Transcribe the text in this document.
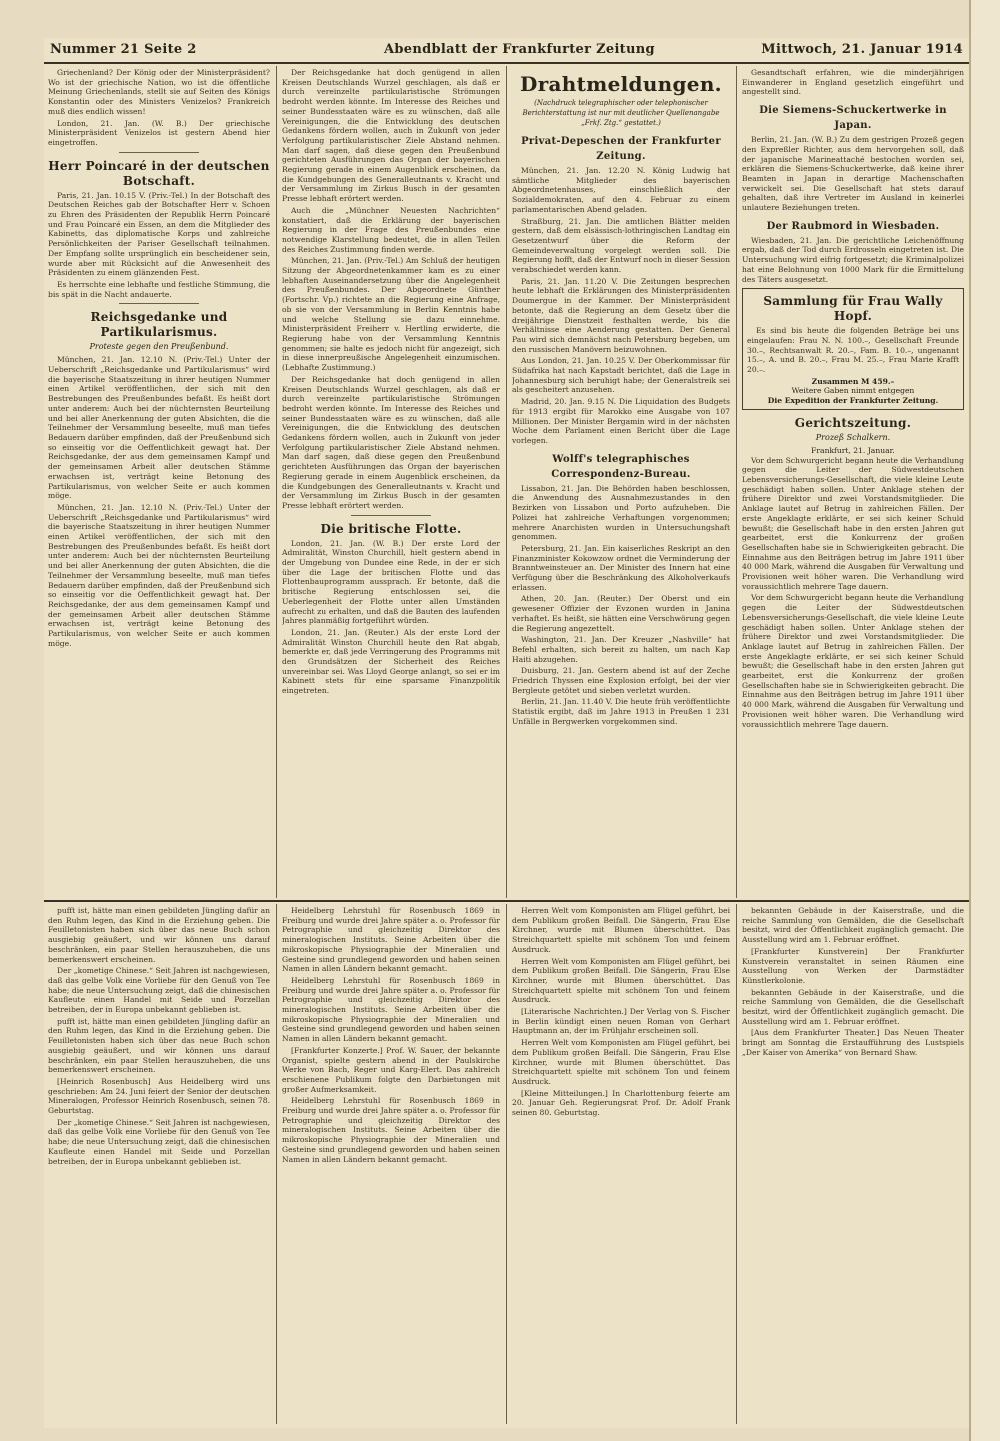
Nummer 21 Seite 2	Abendblatt der Frankfurter Zeitung	Mittwoch, 21. Januar 1914
Griechenland? Der König oder der Ministerpräsident? Wo ist der griechische Nation, wo ist die öffentliche Meinung Griechenlands, stellt sie auf Seiten des Königs Konstantin oder des Ministers Venizelos? Frankreich muß dies endlich wissen!
London, 21. Jan. (W. B.) Der griechische Ministerpräsident Venizelos ist gestern Abend hier eingetroffen.
Herr Poincaré in der deutschen Botschaft.
Paris, 21. Jan. 10.15 V. (Priv.-Tel.) In der Botschaft des Deutschen Reiches gab der Botschafter Herr v. Schoen zu Ehren des Präsidenten der Republik Herrn Poincaré und Frau Poincaré ein Essen, an dem die Mitglieder des Kabinetts, das diplomatische Korps und zahlreiche Persönlichkeiten der Pariser Gesellschaft teilnahmen. Der Empfang sollte ursprünglich ein bescheidener sein, wurde aber mit Rücksicht auf die Anwesenheit des Präsidenten zu einem glänzenden Fest.
Es herrschte eine lebhafte und festliche Stimmung, die bis spät in die Nacht andauerte.
Reichsgedanke und Partikularismus.
Proteste gegen den Preußenbund.
München, 21. Jan. 12.10 N. (Priv.-Tel.) Unter der Ueberschrift „Reichsgedanke und Partikularismus“ wird die bayerische Staatszeitung in ihrer heutigen Nummer einen Artikel veröffentlichen, der sich mit den Bestrebungen des Preußenbundes befaßt. Es heißt dort unter anderem: Auch bei der nüchternsten Beurteilung und bei aller Anerkennung der guten Absichten, die die Teilnehmer der Versammlung beseelte, muß man tiefes Bedauern darüber empfinden, daß der Preußenbund sich so einseitig vor die Oeffentlichkeit gewagt hat. Der Reichsgedanke, der aus dem gemeinsamen Kampf und der gemeinsamen Arbeit aller deutschen Stämme erwachsen ist, verträgt keine Betonung des Partikularismus, von welcher Seite er auch kommen möge.
München, 21. Jan. 12.10 N. (Priv.-Tel.) Unter der Ueberschrift „Reichsgedanke und Partikularismus“ wird die bayerische Staatszeitung in ihrer heutigen Nummer einen Artikel veröffentlichen, der sich mit den Bestrebungen des Preußenbundes befaßt. Es heißt dort unter anderem: Auch bei der nüchternsten Beurteilung und bei aller Anerkennung der guten Absichten, die die Teilnehmer der Versammlung beseelte, muß man tiefes Bedauern darüber empfinden, daß der Preußenbund sich so einseitig vor die Oeffentlichkeit gewagt hat. Der Reichsgedanke, der aus dem gemeinsamen Kampf und der gemeinsamen Arbeit aller deutschen Stämme erwachsen ist, verträgt keine Betonung des Partikularismus, von welcher Seite er auch kommen möge.
Der Reichsgedanke hat doch genügend in allen Kreisen Deutschlands Wurzel geschlagen, als daß er durch vereinzelte partikularistische Strömungen bedroht werden könnte. Im Interesse des Reiches und seiner Bundesstaaten wäre es zu wünschen, daß alle Vereinigungen, die die Entwicklung des deutschen Gedankens fördern wollen, auch in Zukunft von jeder Verfolgung partikularistischer Ziele Abstand nehmen. Man darf sagen, daß diese gegen den Preußenbund gerichteten Ausführungen das Organ der bayerischen Regierung gerade in einem Augenblick erscheinen, da die Kundgebungen des Generalleutnants v. Kracht und der Versammlung im Zirkus Busch in der gesamten Presse lebhaft erörtert werden.
Auch die „Münchner Neuesten Nachrichten“ konstatiert, daß die Erklärung der bayerischen Regierung in der Frage des Preußenbundes eine notwendige Klarstellung bedeutet, die in allen Teilen des Reiches Zustimmung finden werde.
München, 21. Jan. (Priv.-Tel.) Am Schluß der heutigen Sitzung der Abgeordnetenkammer kam es zu einer lebhaften Auseinandersetzung über die Angelegenheit des Preußenbundes. Der Abgeordnete Günther (Fortschr. Vp.) richtete an die Regierung eine Anfrage, ob sie von der Versammlung in Berlin Kenntnis habe und welche Stellung sie dazu einnehme. Ministerpräsident Freiherr v. Hertling erwiderte, die Regierung habe von der Versammlung Kenntnis genommen; sie halte es jedoch nicht für angezeigt, sich in diese innerpreußische Angelegenheit einzumischen. (Lebhafte Zustimmung.)
Der Reichsgedanke hat doch genügend in allen Kreisen Deutschlands Wurzel geschlagen, als daß er durch vereinzelte partikularistische Strömungen bedroht werden könnte. Im Interesse des Reiches und seiner Bundesstaaten wäre es zu wünschen, daß alle Vereinigungen, die die Entwicklung des deutschen Gedankens fördern wollen, auch in Zukunft von jeder Verfolgung partikularistischer Ziele Abstand nehmen. Man darf sagen, daß diese gegen den Preußenbund gerichteten Ausführungen das Organ der bayerischen Regierung gerade in einem Augenblick erscheinen, da die Kundgebungen des Generalleutnants v. Kracht und der Versammlung im Zirkus Busch in der gesamten Presse lebhaft erörtert werden.
Die britische Flotte.
London, 21. Jan. (W. B.) Der erste Lord der Admiralität, Winston Churchill, hielt gestern abend in der Umgebung von Dundee eine Rede, in der er sich über die Lage der britischen Flotte und das Flottenbauprogramm aussprach. Er betonte, daß die britische Regierung entschlossen sei, die Ueberlegenheit der Flotte unter allen Umständen aufrecht zu erhalten, und daß die Bauten des laufenden Jahres planmäßig fortgeführt würden.
London, 21. Jan. (Reuter.) Als der erste Lord der Admiralität Winston Churchill heute den Rat abgab, bemerkte er, daß jede Verringerung des Programms mit den Grundsätzen der Sicherheit des Reiches unvereinbar sei. Was Lloyd George anlangt, so sei er im Kabinett stets für eine sparsame Finanzpolitik eingetreten.
Drahtmeldungen.
(Nachdruck telegraphischer oder telephonischer Berichterstattung ist nur mit deutlicher Quellenangabe „Frkf. Ztg.“ gestattet.)
Privat-Depeschen der Frankfurter Zeitung.
München, 21. Jan. 12.20 N. König Ludwig hat sämtliche Mitglieder des bayerischen Abgeordnetenhauses, einschließlich der Sozialdemokraten, auf den 4. Februar zu einem parlamentarischen Abend geladen.
Straßburg, 21. Jan. Die amtlichen Blätter melden gestern, daß dem elsässisch-lothringischen Landtag ein Gesetzentwurf über die Reform der Gemeindeverwaltung vorgelegt werden soll. Die Regierung hofft, daß der Entwurf noch in dieser Session verabschiedet werden kann.
Paris, 21. Jan. 11.20 V. Die Zeitungen besprechen heute lebhaft die Erklärungen des Ministerpräsidenten Doumergue in der Kammer. Der Ministerpräsident betonte, daß die Regierung an dem Gesetz über die dreijährige Dienstzeit festhalten werde, bis die Verhältnisse eine Aenderung gestatten. Der General Pau wird sich demnächst nach Petersburg begeben, um den russischen Manövern beizuwohnen.
Aus London, 21. Jan. 10.25 V. Der Oberkommissar für Südafrika hat nach Kapstadt berichtet, daß die Lage in Johannesburg sich beruhigt habe; der Generalstreik sei als gescheitert anzusehen.
Madrid, 20. Jan. 9.15 N. Die Liquidation des Budgets für 1913 ergibt für Marokko eine Ausgabe von 107 Millionen. Der Minister Bergamin wird in der nächsten Woche dem Parlament einen Bericht über die Lage vorlegen.
Wolff's telegraphisches Correspondenz-Bureau.
Lissabon, 21. Jan. Die Behörden haben beschlossen, die Anwendung des Ausnahmezustandes in den Bezirken von Lissabon und Porto aufzuheben. Die Polizei hat zahlreiche Verhaftungen vorgenommen; mehrere Anarchisten wurden in Untersuchungshaft genommen.
Petersburg, 21. Jan. Ein kaiserliches Reskript an den Finanzminister Kokowzow ordnet die Verminderung der Branntweinsteuer an. Der Minister des Innern hat eine Verfügung über die Beschränkung des Alkoholverkaufs erlassen.
Athen, 20. Jan. (Reuter.) Der Oberst und ein gewesener Offizier der Evzonen wurden in Janina verhaftet. Es heißt, sie hätten eine Verschwörung gegen die Regierung angezettelt.
Washington, 21. Jan. Der Kreuzer „Nashville“ hat Befehl erhalten, sich bereit zu halten, um nach Kap Haiti abzugehen.
Duisburg, 21. Jan. Gestern abend ist auf der Zeche Friedrich Thyssen eine Explosion erfolgt, bei der vier Bergleute getötet und sieben verletzt wurden.
Berlin, 21. Jan. 11.40 V. Die heute früh veröffentlichte Statistik ergibt, daß im Jahre 1913 in Preußen 1 231 Unfälle in Bergwerken vorgekommen sind.
Gesandtschaft erfahren, wie die minderjährigen Einwanderer in England gesetzlich eingeführt und angestellt sind.
Die Siemens-Schuckertwerke in Japan.
Berlin, 21. Jan. (W. B.) Zu dem gestrigen Prozeß gegen den Expreßler Richter, aus dem hervorgehen soll, daß der japanische Marineattaché bestochen worden sei, erklären die Siemens-Schuckertwerke, daß keine ihrer Beamten in Japan in derartige Machenschaften verwickelt sei. Die Gesellschaft hat stets darauf gehalten, daß ihre Vertreter im Ausland in keinerlei unlautere Beziehungen treten.
Der Raubmord in Wiesbaden.
Wiesbaden, 21. Jan. Die gerichtliche Leichenöffnung ergab, daß der Tod durch Erdrosseln eingetreten ist. Die Untersuchung wird eifrig fortgesetzt; die Kriminalpolizei hat eine Belohnung von 1000 Mark für die Ermittelung des Täters ausgesetzt.
Sammlung für Frau Wally Hopf.
Es sind bis heute die folgenden Beträge bei uns eingelaufen: Frau N. N. 100.–, Gesellschaft Freunde 30.–, Rechtsanwalt R. 20.–, Fam. B. 10.–, ungenannt 15.–, A. und B. 20.–, Frau M. 25.–, Frau Marie Krafft 20.–.
Zusammen M 459.–
Weitere Gaben nimmt entgegen
Die Expedition der Frankfurter Zeitung.
Gerichtszeitung.
Prozeß Schalkern.
Frankfurt, 21. Januar.
Vor dem Schwurgericht begann heute die Verhandlung gegen die Leiter der Südwestdeutschen Lebensversicherungs-Gesellschaft, die viele kleine Leute geschädigt haben sollen. Unter Anklage stehen der frühere Direktor und zwei Vorstandsmitglieder. Die Anklage lautet auf Betrug in zahlreichen Fällen. Der erste Angeklagte erklärte, er sei sich keiner Schuld bewußt; die Gesellschaft habe in den ersten Jahren gut gearbeitet, erst die Konkurrenz der großen Gesellschaften habe sie in Schwierigkeiten gebracht. Die Einnahme aus den Beiträgen betrug im Jahre 1911 über 40 000 Mark, während die Ausgaben für Verwaltung und Provisionen weit höher waren. Die Verhandlung wird voraussichtlich mehrere Tage dauern.
Vor dem Schwurgericht begann heute die Verhandlung gegen die Leiter der Südwestdeutschen Lebensversicherungs-Gesellschaft, die viele kleine Leute geschädigt haben sollen. Unter Anklage stehen der frühere Direktor und zwei Vorstandsmitglieder. Die Anklage lautet auf Betrug in zahlreichen Fällen. Der erste Angeklagte erklärte, er sei sich keiner Schuld bewußt; die Gesellschaft habe in den ersten Jahren gut gearbeitet, erst die Konkurrenz der großen Gesellschaften habe sie in Schwierigkeiten gebracht. Die Einnahme aus den Beiträgen betrug im Jahre 1911 über 40 000 Mark, während die Ausgaben für Verwaltung und Provisionen weit höher waren. Die Verhandlung wird voraussichtlich mehrere Tage dauern.
pufft ist, hätte man einen gebildeten Jüngling dafür an den Ruhm legen, das Kind in die Erziehung geben. Die Feuilletonisten haben sich über das neue Buch schon ausgiebig geäußert, und wir können uns darauf beschränken, ein paar Stellen herauszuheben, die uns bemerkenswert erscheinen.
Der „kometige Chinese.“ Seit Jahren ist nachgewiesen, daß das gelbe Volk eine Vorliebe für den Genuß von Tee habe; die neue Untersuchung zeigt, daß die chinesischen Kaufleute einen Handel mit Seide und Porzellan betreiben, der in Europa unbekannt geblieben ist.
pufft ist, hätte man einen gebildeten Jüngling dafür an den Ruhm legen, das Kind in die Erziehung geben. Die Feuilletonisten haben sich über das neue Buch schon ausgiebig geäußert, und wir können uns darauf beschränken, ein paar Stellen herauszuheben, die uns bemerkenswert erscheinen.
[Heinrich Rosenbusch] Aus Heidelberg wird uns geschrieben: Am 24. Juni feiert der Senior der deutschen Mineralogen, Professor Heinrich Rosenbusch, seinen 78. Geburtstag.
Der „kometige Chinese.“ Seit Jahren ist nachgewiesen, daß das gelbe Volk eine Vorliebe für den Genuß von Tee habe; die neue Untersuchung zeigt, daß die chinesischen Kaufleute einen Handel mit Seide und Porzellan betreiben, der in Europa unbekannt geblieben ist.
Heidelberg Lehrstuhl für Rosenbusch 1869 in Freiburg und wurde drei Jahre später a. o. Professor für Petrographie und gleichzeitig Direktor des mineralogischen Instituts. Seine Arbeiten über die mikroskopische Physiographie der Mineralien und Gesteine sind grundlegend geworden und haben seinen Namen in allen Ländern bekannt gemacht.
Heidelberg Lehrstuhl für Rosenbusch 1869 in Freiburg und wurde drei Jahre später a. o. Professor für Petrographie und gleichzeitig Direktor des mineralogischen Instituts. Seine Arbeiten über die mikroskopische Physiographie der Mineralien und Gesteine sind grundlegend geworden und haben seinen Namen in allen Ländern bekannt gemacht.
[Frankfurter Konzerte.] Prof. W. Sauer, der bekannte Organist, spielte gestern abend in der Paulskirche Werke von Bach, Reger und Karg-Elert. Das zahlreich erschienene Publikum folgte den Darbietungen mit großer Aufmerksamkeit.
Heidelberg Lehrstuhl für Rosenbusch 1869 in Freiburg und wurde drei Jahre später a. o. Professor für Petrographie und gleichzeitig Direktor des mineralogischen Instituts. Seine Arbeiten über die mikroskopische Physiographie der Mineralien und Gesteine sind grundlegend geworden und haben seinen Namen in allen Ländern bekannt gemacht.
Herren Welt vom Komponisten am Flügel geführt, bei dem Publikum großen Beifall. Die Sängerin, Frau Else Kirchner, wurde mit Blumen überschüttet. Das Streichquartett spielte mit schönem Ton und feinem Ausdruck.
Herren Welt vom Komponisten am Flügel geführt, bei dem Publikum großen Beifall. Die Sängerin, Frau Else Kirchner, wurde mit Blumen überschüttet. Das Streichquartett spielte mit schönem Ton und feinem Ausdruck.
[Literarische Nachrichten.] Der Verlag von S. Fischer in Berlin kündigt einen neuen Roman von Gerhart Hauptmann an, der im Frühjahr erscheinen soll.
Herren Welt vom Komponisten am Flügel geführt, bei dem Publikum großen Beifall. Die Sängerin, Frau Else Kirchner, wurde mit Blumen überschüttet. Das Streichquartett spielte mit schönem Ton und feinem Ausdruck.
[Kleine Mitteilungen.] In Charlottenburg feierte am 20. Januar Geh. Regierungsrat Prof. Dr. Adolf Frank seinen 80. Geburtstag.
bekannten Gebäude in der Kaiserstraße, und die reiche Sammlung von Gemälden, die die Gesellschaft besitzt, wird der Öffentlichkeit zugänglich gemacht. Die Ausstellung wird am 1. Februar eröffnet.
[Frankfurter Kunstverein] Der Frankfurter Kunstverein veranstaltet in seinen Räumen eine Ausstellung von Werken der Darmstädter Künstlerkolonie.
bekannten Gebäude in der Kaiserstraße, und die reiche Sammlung von Gemälden, die die Gesellschaft besitzt, wird der Öffentlichkeit zugänglich gemacht. Die Ausstellung wird am 1. Februar eröffnet.
[Aus dem Frankfurter Theater.] Das Neuen Theater bringt am Sonntag die Erstaufführung des Lustspiels „Der Kaiser von Amerika“ von Bernard Shaw.
